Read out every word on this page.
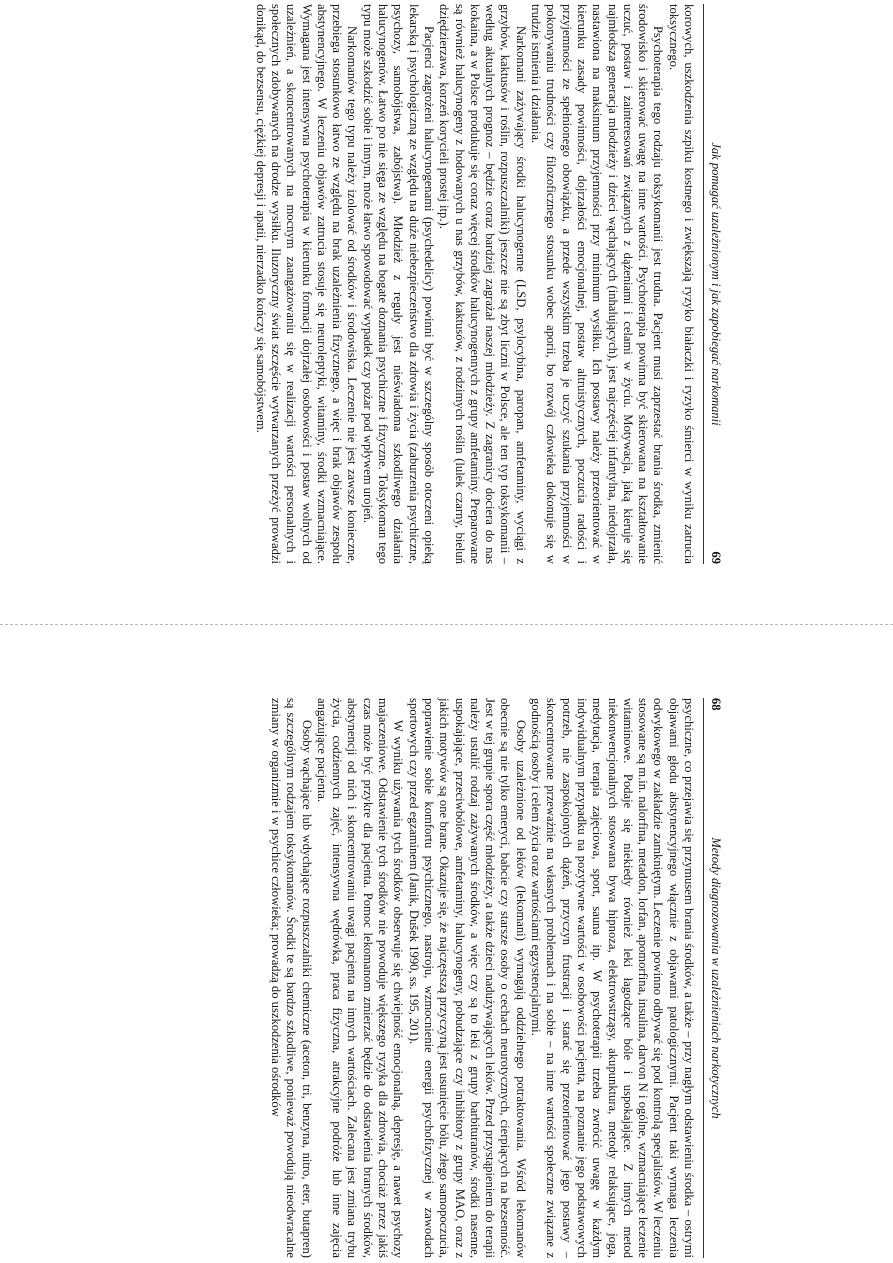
68
Metody diagnozowania w uzależnieniach narkotycznych

psychiczne, co przejawia się przymusem brania środków, a także – przy nagłym odstawieniu środka – ostrymi objawami głodu abstynencyjnego włącznie z objawami patologicznymi. Pacjent taki wymaga leczenia odwykowego w zakładzie zamkniętym. Leczenie powinno odbywać się pod kontrolą specjalistów. W leczeniu stosowane są m.in. nalorfina, metadon, lorfan, apomorfina, insulina, darvon N i ogólne, wzmacniające leczenie witaminowe. Podaje się niekiedy również leki łagodzące bóle i uspokajające. Z innych metod niekonwencjonalnych stosowana bywa hipnoza, elektrowstrząsy, akupunktura, metody relaksujące, joga, medytacja, terapia zajęciowa, sport, sauna itp. W psychoterapii trzeba zwrócić uwagę w każdym indywidualnym przypadku na pozytywne wartości w osobowości pacjenta, na poznanie jego podstawowych potrzeb, nie zaspokojonych dążeń, przyczyn frustracji i starać się przeorientować jego postawy – skoncentrowane przeważnie na własnych problemach i na sobie – na inne wartości społeczne związane z godnością osoby i celem życia oraz wartościami egzystencjalnymi.

Osoby uzależnione od leków (lekomani) wymagają oddzielnego potraktowania. Wśród lekomanów obecnie są nie tylko emeryci, babcie czy starsze osoby o cechach neurotycznych, cierpiących na bezsenność. Jest w tej grupie spora część młodzieży, a także dzieci nadużywających leków. Przed przystąpieniem do terapii należy ustalić rodzaj zażywanych środków, a więc czy są to leki z grupy barbituranów, środki nasenne, uspokajające, przeciwbólowe, amfetaminy, halucynogeny, pobudzające czy inhibitory z grupy MAO, oraz z jakich motywów są one brane. Okazuje się, że najczęstszą przyczyną jest usunięcie bólu, złego samopoczucia, poprawienie sobie komfortu psychicznego, nastroju, wzmocnienie energii psychofizycznej w zawodach sportowych czy przed egzaminem (Janik, Dušek 1990, ss. 195, 201).

W wyniku używania tych środków obserwuje się chwiejność emocjonalną, depresję, a nawet psychozy majaczeniowe. Odstawienie tych środków nie powoduje większego ryzyka dla zdrowia, chociaż przez jakiś czas może być przykre dla pacjenta. Pomoc lekomanom zmierzać będzie do odstawienia branych środków, abstynencji od nich i skoncentrowaniu uwagi pacjenta na innych wartościach. Zalecana jest zmiana trybu życia, codziennych zajęć, intensywna wędrówka, praca fizyczna, atrakcyjne podróże lub inne zajęcia angażujące pacjenta.

Osoby wąchające lub wdychające rozpuszczalniki chemiczne (aceton, tri, benzyna, nitro, eter, butapren) są szczególnym rodzajem toksykomanów. Środki te są bardzo szkodliwe, ponieważ powodują nieodwracalne zmiany w organizmie i w psychice człowieka; prowadzą do uszkodzenia ośrodków

Jak pomagać uzależnionym i jak zapobiegać narkomanii
69

korowych, uszkodzenia szpiku kostnego i zwiększają ryzyko białaczki i ryzyko śmierci w wyniku zatrucia toksycznego.

Psychoterapia tego rodzaju toksykomanii jest trudna. Pacjent musi zaprzestać brania środka, zmienić środowisko i skierować uwagę na inne wartości. Psychoterapia powinna być skierowana na kształtowanie uczuć, postaw i zainteresowań związanych z dążeniami i celami w życiu. Motywacja, jaką kieruje się najmłodsza generacja młodzieży i dzieci wąchających (inhalujących), jest najczęściej infantylna, niedojrzała, nastawiona na maksimum przyjemności przy minimum wysiłku. Ich postawy należy przeorientować w kierunku zasady powinności, dojrzałości emocjonalnej, postaw altruistycznych, poczucia radości i przyjemności ze spełnionego obowiązku, a przede wszystkim trzeba je uczyć szukania przyjemności w pokonywaniu trudności czy filozoficznego stosunku wobec aporii, bo rozwój człowieka dokonuje się w trudzie istnienia i działania.

Narkomani zażywający środki halucynogenne (LSD, psylocybina, paropan, amfetaminy, wyciągi z grzybów, kaktusów i roślin, rozpuszczalniki) jeszcze nie są zbyt liczni w Polsce, ale ten typ toksykomanii – według aktualnych prognoz – będzie coraz bardziej zagrażał naszej młodzieży. Z zagranicy dociera do nas kokaina, a w Polsce produkuje się coraz więcej środków halucynogennych z grupy amfetaminy. Preparowane są również halucynogeny z hodowanych u nas grzybów, kaktusów, z rodzimych roślin (lulek czarny, bieluń dziędzierzawa, korzeń korycieli prostej itp.).

Pacjenci zagrożeni halucynogenami (psychedelicy) powinni być w szczególny sposób otoczeni opieką lekarską i psychologiczną ze względu na duże niebezpieczeństwo dla zdrowia i życia (zaburzenia psychiczne, psychozy, samobójstwa, zabójstwa). Młodzież z reguły jest nieświadoma szkodliwego działania halucynogenów. Łatwo po nie sięga ze względu na bogate doznania psychiczne i fizyczne. Toksykoman tego typu może szkodzić sobie i innym, może łatwo spowodować wypadek czy pożar pod wpływem urojeń.

Narkomanów tego typu należy izolować od środków i środowiska. Leczenie nie jest zawsze konieczne, przebiega stosunkowo łatwo ze względu na brak uzależnienia fizycznego, a więc i brak objawów zespołu abstynencyjnego. W leczeniu objawów zatrucia stosuje się neuroleptyki, witaminy, środki wzmacniające. Wymagana jest intensywna psychoterapia w kierunku formacji dojrzałej osobowości i postaw wolnych od uzależnień, a skoncentrowanych na mocnym zaangażowaniu się w realizacji wartości personalnych i społecznych zdobywanych na drodze wysiłku. Iluzoryczny świat szczęście wytwarzanych przeżyć prowadzi donikąd, do bezsensu, ciężkiej depresji i apatii, nierzadko kończy się samobójstwem.
